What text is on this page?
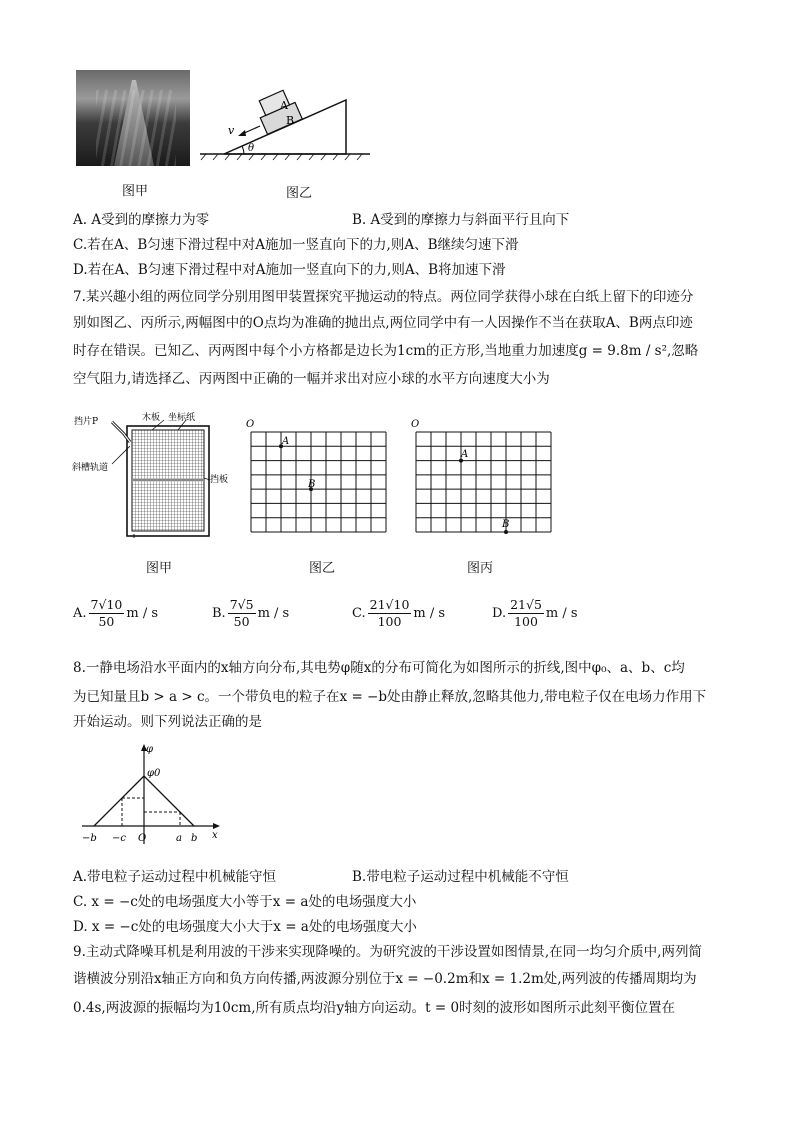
A
B
v
θ
图甲	图乙
A. A受到的摩擦力为零	B. A受到的摩擦力与斜面平行且向下
C.若在A、B匀速下滑过程中对A施加一竖直向下的力,则A、B继续匀速下滑
D.若在A、B匀速下滑过程中对A施加一竖直向下的力,则A、B将加速下滑
7.某兴趣小组的两位同学分别用图甲装置探究平抛运动的特点。两位同学获得小球在白纸上留下的印迹分
别如图乙、丙所示,两幅图中的O点均为准确的抛出点,两位同学中有一人因操作不当在获取A、B两点印迹
时存在错误。已知乙、丙两图中每个小方格都是边长为1cm的正方形,当地重力加速度g = 9.8m / s²,忽略
空气阻力,请选择乙、丙两图中正确的一幅并求出对应小球的水平方向速度大小为
挡片P	木板 坐标纸
斜槽轨道
挡板
O
A
B
O
A
B
图甲	图乙	图丙
A. $\frac{7√10}{50}$ m / s	B. $\frac{7√5}{50}$ m / s	C. $\frac{21√10}{100}$ m / s	D. $\frac{21√5}{100}$ m / s
8.一静电场沿水平面内的x轴方向分布,其电势φ随x的分布可简化为如图所示的折线,图中φ₀、a、b、c均
为已知量且b > a > c。一个带负电的粒子在x = −b处由静止释放,忽略其他力,带电粒子仅在电场力作用下
开始运动。则下列说法正确的是
φ
φ0
x
−b −c O	a b
A.带电粒子运动过程中机械能守恒	B.带电粒子运动过程中机械能不守恒
C. x = −c处的电场强度大小等于x = a处的电场强度大小
D. x = −c处的电场强度大小大于x = a处的电场强度大小
9.主动式降噪耳机是利用波的干涉来实现降噪的。为研究波的干涉设置如图情景,在同一均匀介质中,两列简
谐横波分别沿x轴正方向和负方向传播,两波源分别位于x = −0.2m和x = 1.2m处,两列波的传播周期均为
0.4s,两波源的振幅均为10cm,所有质点均沿y轴方向运动。t = 0时刻的波形如图所示此刻平衡位置在
